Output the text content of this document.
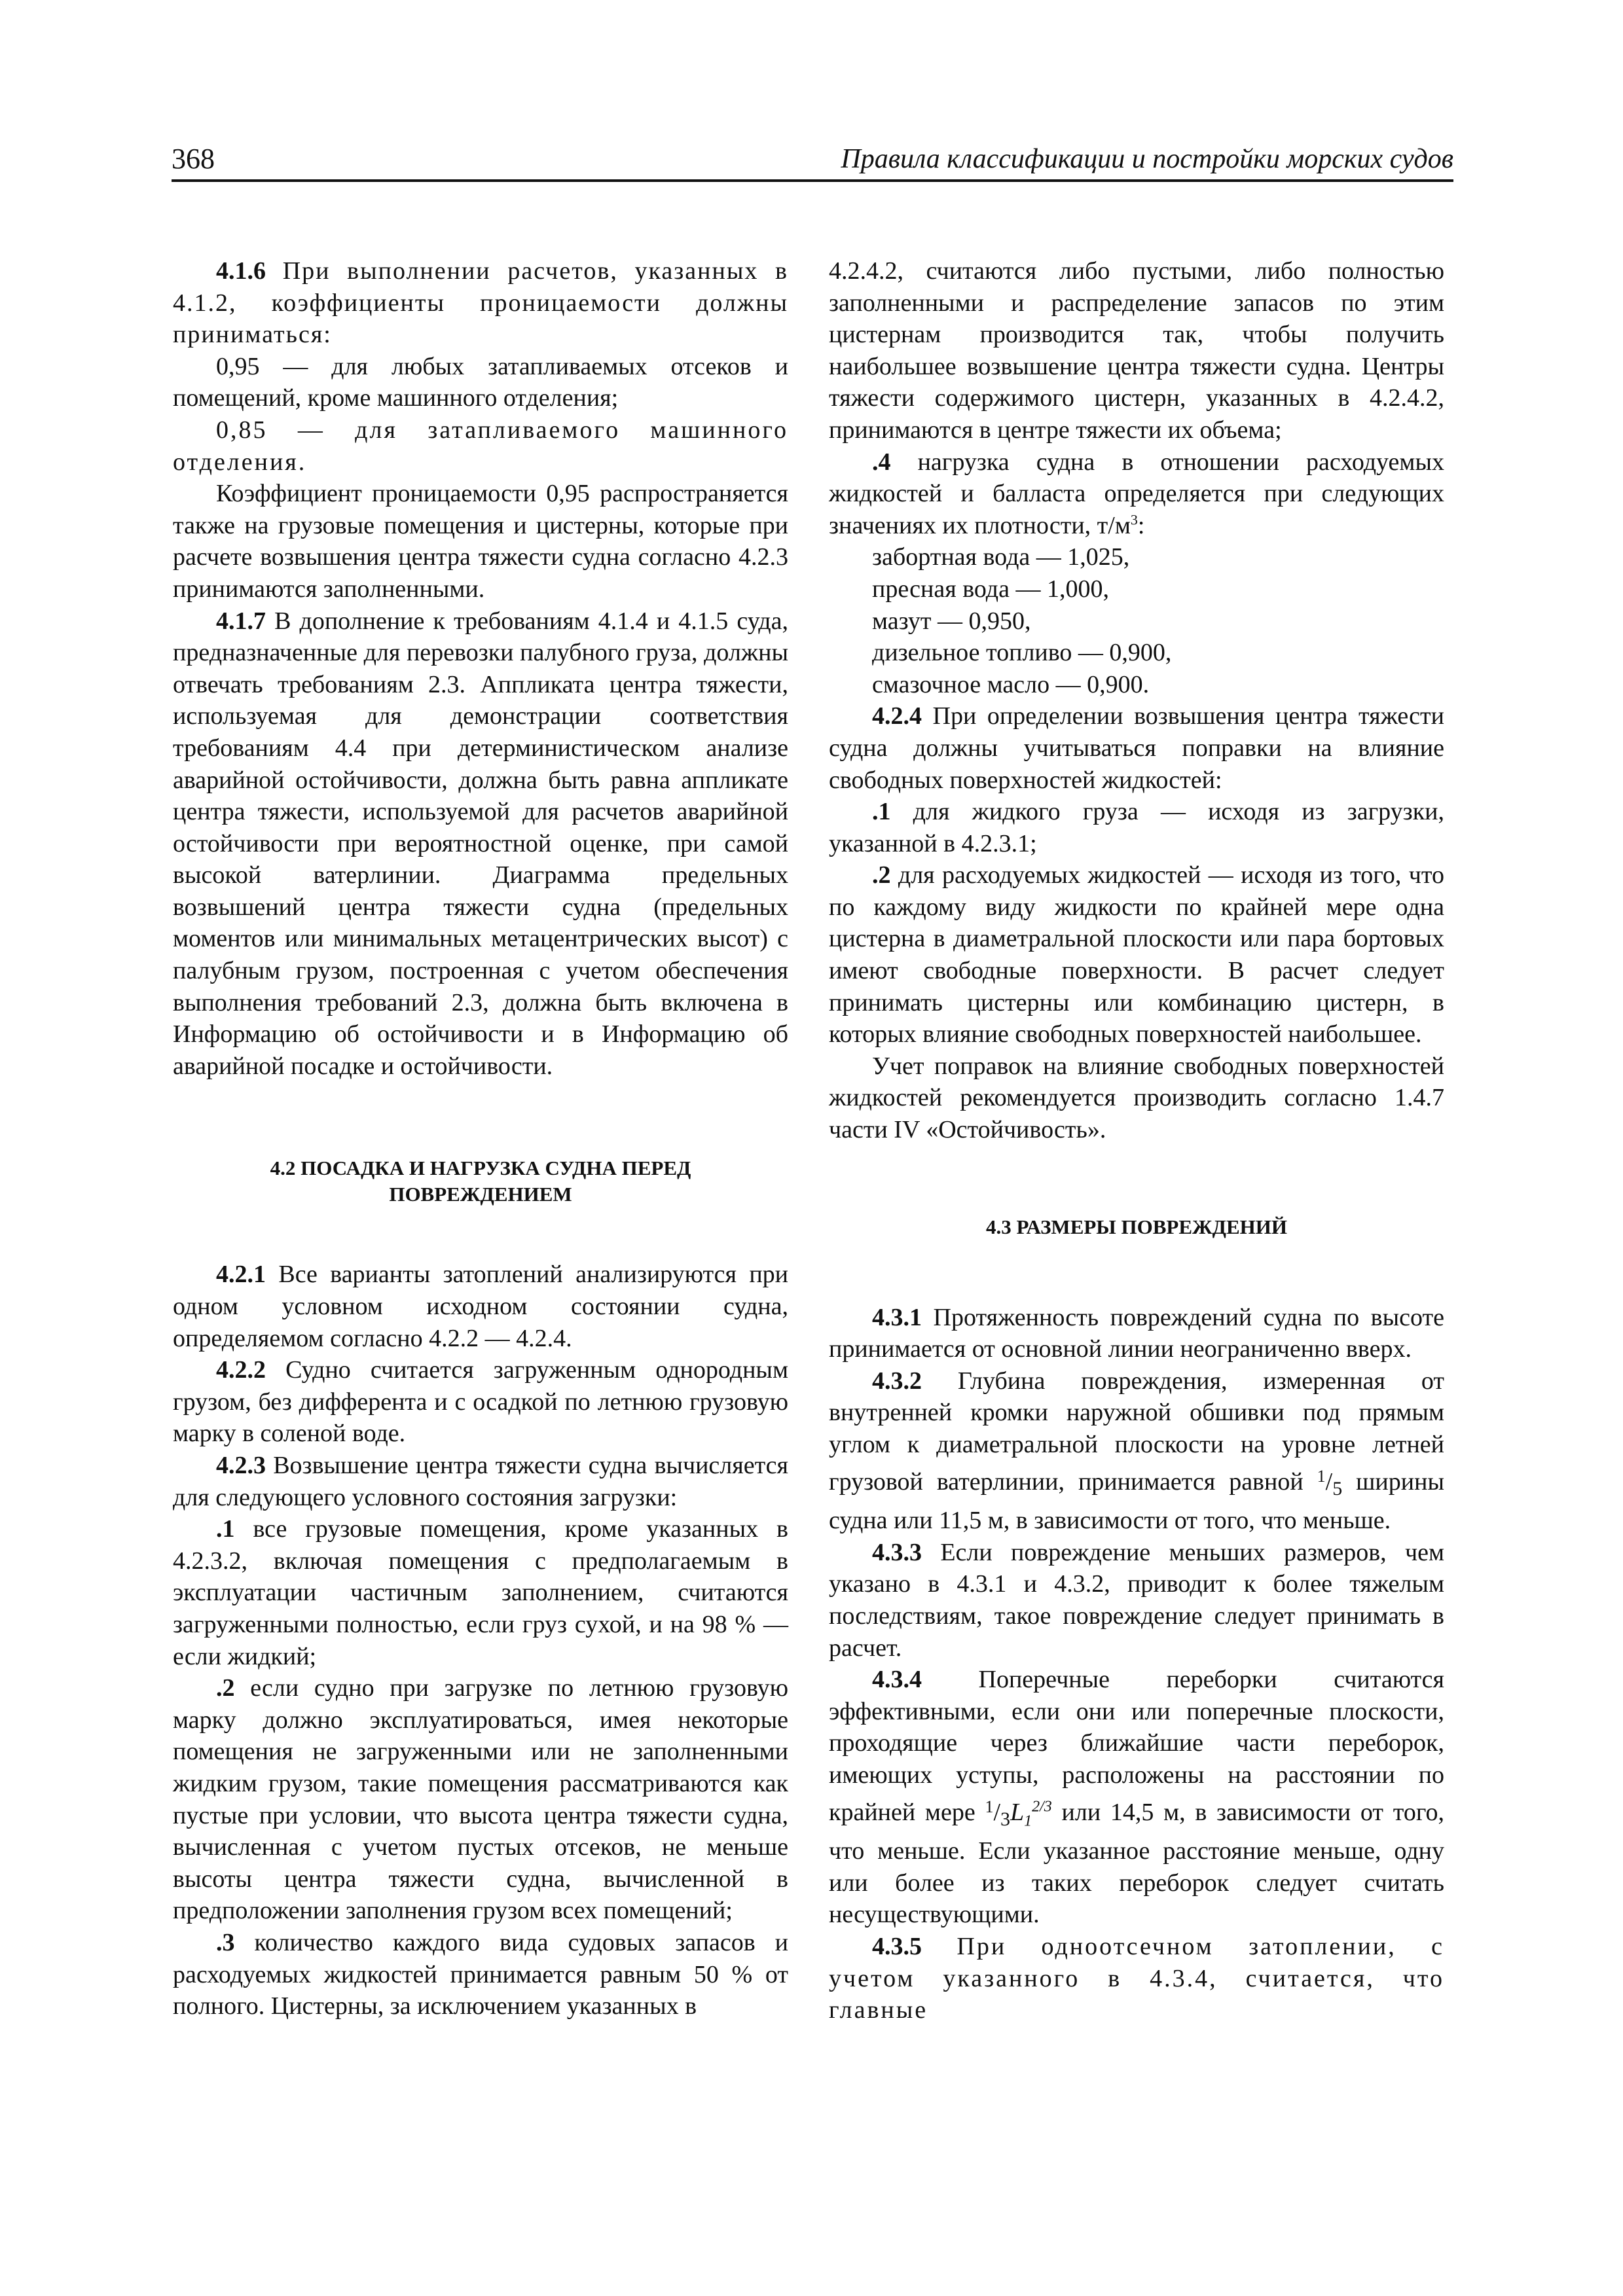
368	Правила классификации и постройки морских судов

4.1.6 При выполнении расчетов, указанных в 4.1.2, коэффициенты проницаемости должны приниматься:

0,95 — для любых затапливаемых отсеков и помещений, кроме машинного отделения;

0,85 — для затапливаемого машинного отделения.

Коэффициент проницаемости 0,95 распространяется также на грузовые помещения и цистерны, которые при расчете возвышения центра тяжести судна согласно 4.2.3 принимаются заполненными.

4.1.7 В дополнение к требованиям 4.1.4 и 4.1.5 суда, предназначенные для перевозки палубного груза, должны отвечать требованиям 2.3. Аппликата центра тяжести, используемая для демонстрации соответствия требованиям 4.4 при детерминистическом анализе аварийной остойчивости, должна быть равна аппликате центра тяжести, используемой для расчетов аварийной остойчивости при вероятностной оценке, при самой высокой ватерлинии. Диаграмма предельных возвышений центра тяжести судна (предельных моментов или минимальных метацентрических высот) с палубным грузом, построенная с учетом обеспечения выполнения требований 2.3, должна быть включена в Информацию об остойчивости и в Информацию об аварийной посадке и остойчивости.

4.2 ПОСАДКА И НАГРУЗКА СУДНА ПЕРЕД
ПОВРЕЖДЕНИЕМ

4.2.1 Все варианты затоплений анализируются при одном условном исходном состоянии судна, определяемом согласно 4.2.2 — 4.2.4.

4.2.2 Судно считается загруженным однородным грузом, без дифферента и с осадкой по летнюю грузовую марку в соленой воде.

4.2.3 Возвышение центра тяжести судна вычисляется для следующего условного состояния загрузки:

.1 все грузовые помещения, кроме указанных в 4.2.3.2, включая помещения с предполагаемым в эксплуатации частичным заполнением, считаются загруженными полностью, если груз сухой, и на 98 % — если жидкий;

.2 если судно при загрузке по летнюю грузовую марку должно эксплуатироваться, имея некоторые помещения не загруженными или не заполненными жидким грузом, такие помещения рассматриваются как пустые при условии, что высота центра тяжести судна, вычисленная с учетом пустых отсеков, не меньше высоты центра тяжести судна, вычисленной в предположении заполнения грузом всех помещений;

.3 количество каждого вида судовых запасов и расходуемых жидкостей принимается равным 50 % от полного. Цистерны, за исключением указанных в

4.2.4.2, считаются либо пустыми, либо полностью заполненными и распределение запасов по этим цистернам производится так, чтобы получить наибольшее возвышение центра тяжести судна. Центры тяжести содержимого цистерн, указанных в 4.2.4.2, принимаются в центре тяжести их объема;

.4 нагрузка судна в отношении расходуемых жидкостей и балласта определяется при следующих значениях их плотности, $т/м^3$:

забортная вода — 1,025,

пресная вода — 1,000,

мазут — 0,950,

дизельное топливо — 0,900,

смазочное масло — 0,900.

4.2.4 При определении возвышения центра тяжести судна должны учитываться поправки на влияние свободных поверхностей жидкостей:

.1 для жидкого груза — исходя из загрузки, указанной в 4.2.3.1;

.2 для расходуемых жидкостей — исходя из того, что по каждому виду жидкости по крайней мере одна цистерна в диаметральной плоскости или пара бортовых имеют свободные поверхности. В расчет следует принимать цистерны или комбинацию цистерн, в которых влияние свободных поверхностей наибольшее.

Учет поправок на влияние свободных поверхностей жидкостей рекомендуется производить согласно 1.4.7 части IV «Остойчивость».

4.3 РАЗМЕРЫ ПОВРЕЖДЕНИЙ

4.3.1 Протяженность повреждений судна по высоте принимается от основной линии неограниченно вверх.

4.3.2 Глубина повреждения, измеренная от внутренней кромки наружной обшивки под прямым углом к диаметральной плоскости на уровне летней грузовой ватерлинии, принимается равной $^1/_5$ ширины судна или 11,5 м, в зависимости от того, что меньше.

4.3.3 Если повреждение меньших размеров, чем указано в 4.3.1 и 4.3.2, приводит к более тяжелым последствиям, такое повреждение следует принимать в расчет.

4.3.4 Поперечные переборки считаются эффективными, если они или поперечные плоскости, проходящие через ближайшие части переборок, имеющих уступы, расположены на расстоянии по крайней мере $^1/_3L_1^{2/3}$ или 14,5 м, в зависимости от того, что меньше. Если указанное расстояние меньше, одну или более из таких переборок следует считать несуществующими.

4.3.5 При одноотсечном затоплении, с учетом указанного в 4.3.4, считается, что главные
